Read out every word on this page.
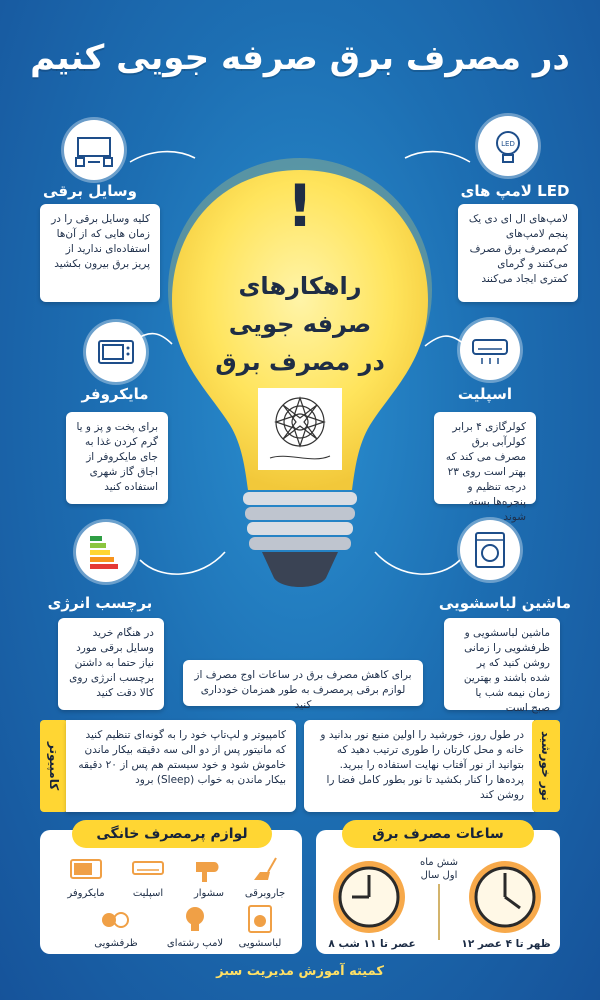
در مصرف برق صرفه جویی کنیم
!
راهکارهای
صرفه جویی
در مصرف برق
LED
وسایل برقی	لامپ های LED
مایکروفر	اسپلیت
برچسب انرژی	ماشین لباسشویی
کلیه وسایل برقی را در زمان هایی که از آن‌ها استفاده‌ای ندارید از پریز برق بیرون بکشید
لامپ‌های ال ای دی یک پنجم لامپ‌های کم‌مصرف برق مصرف می‌کنند و گرمای کمتری ایجاد می‌کنند
برای پخت و پز و یا گرم کردن غذا به جای مایکروفر از اجاق گاز شهری استفاده کنید
کولرگازی ۴ برابر کولرآبی برق مصرف می کند که بهتر است روی ۲۳ درجه تنظیم و پنجره‌ها بسته شوند
در هنگام خرید وسایل برقی مورد نیاز حتما به داشتن برچسب انرژی روی کالا دقت کنید
ماشین لباسشویی و ظرفشویی را زمانی روشن کنید که پر شده باشند و بهترین زمان نیمه شب یا صبح است
برای کاهش مصرف برق در ساعات اوج مصرف از لوازم برقی پرمصرف به طور همزمان خودداری کنید
کامپیوتر
کامپیوتر و لپ‌تاپ خود را به گونه‌ای تنظیم کنید که مانیتور پس از دو الی سه دقیقه بیکار ماندن خاموش شود و خود سیستم هم پس از ۲۰ دقیقه بیکار ماندن به خواب (Sleep) برود
در طول روز، خورشید را اولین منبع نور بدانید و خانه و محل کارتان را طوری ترتیب دهید که بتوانید از نور آفتاب نهایت استفاده را ببرید. پرده‌ها را کنار بکشید تا نور بطور کامل فضا را روشن کند	نور خورشید
لوازم پرمصرف خانگی
جاروبرقی
سشوار
اسپلیت
مایکروفر
لباسشویی
لامپ رشته‌ای
ظرفشویی
ساعات مصرف برق
شش ماه
اول سال
۸ عصر تا ۱۱ شب	۱۲ ظهر تا ۴ عصر
کمیته آموزش مدیریت سبز
